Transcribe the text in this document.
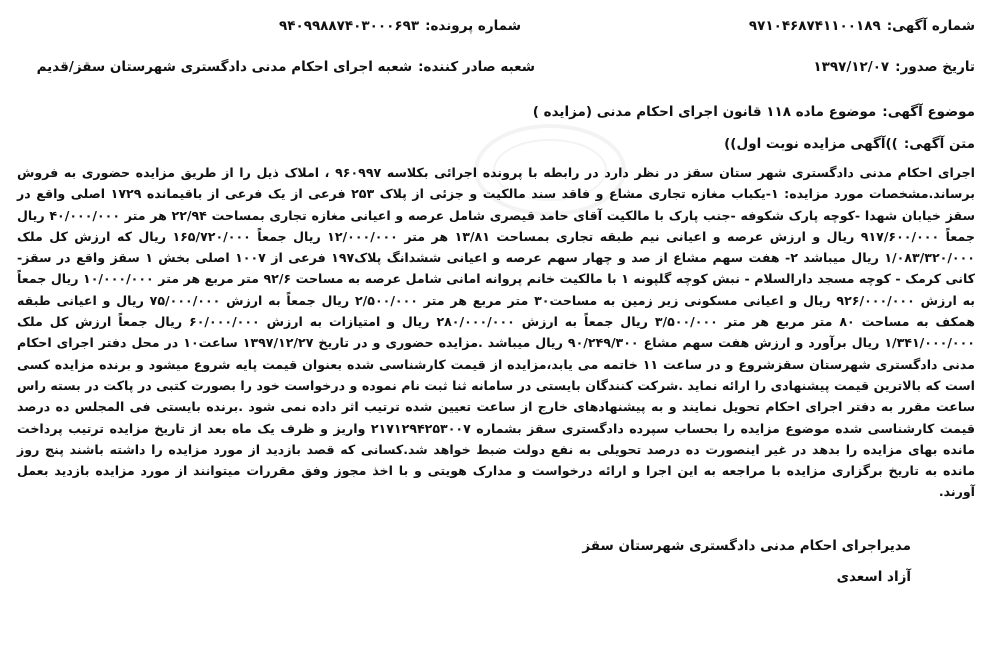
شماره آگهی:۹۷۱۰۴۶۸۷۴۱۱۰۰۱۸۹
شماره پرونده:۹۴۰۹۹۸۸۷۴۰۳۰۰۰۶۹۳
تاریخ صدور:۱۳۹۷/۱۲/۰۷
شعبه صادر کننده:شعبه اجرای احکام مدنی دادگستری شهرستان سقز/قدیم
موضوع آگهی:موضوع ماده ۱۱۸ قانون اجرای احکام مدنی (مزایده )
متن آگهی:))آگهی مزایده نوبت اول))
اجرای احکام مدنی دادگستری شهر ستان سقز در نظر دارد در رابطه با پرونده اجرائی بکلاسه ۹۶۰۹۹۷ ، املاک ذیل را از طریق مزایده حضوری به فروش برساند.مشخصات مورد مزایده: ۱-یکباب مغازه تجاری مشاع و فاقد سند مالکیت و جزئی از پلاک ۲۵۳ فرعی از یک فرعی از باقیمانده ۱۷۲۹ اصلی واقع در سقز خیابان شهدا -کوچه پارک شکوفه -جنب پارک با مالکیت آقای حامد قیصری شامل عرصه و اعیانی مغازه تجاری بمساحت ۲۲/۹۴ هر متر ۴۰/۰۰۰/۰۰۰ ریال جمعاً ۹۱۷/۶۰۰/۰۰۰ ریال و ارزش عرصه و اعیانی نیم طبقه تجاری بمساحت ۱۳/۸۱ هر متر ۱۲/۰۰۰/۰۰۰ ریال جمعاً ۱۶۵/۷۲۰/۰۰۰ ریال که ارزش کل ملک ۱/۰۸۳/۳۲۰/۰۰۰ ریال میباشد ۲- هفت سهم مشاع از صد و چهار سهم عرصه و اعیانی ششدانگ پلاک۱۹۷ فرعی از ۱۰۰۷ اصلی بخش ۱ سقز واقع در سقز- کانی کرمک - کوچه مسجد دارالسلام - نبش کوچه گلپونه ۱ با مالکیت خانم پروانه امانی شامل عرصه به مساحت ۹۲/۶ متر مربع هر متر ۱۰/۰۰۰/۰۰۰ ریال جمعاً به ارزش ۹۲۶/۰۰۰/۰۰۰ ریال و اعیانی مسکونی زیر زمین به مساحت۳۰ متر مربع هر متر ۲/۵۰۰/۰۰۰ ریال جمعاً به ارزش ۷۵/۰۰۰/۰۰۰ ریال و اعیانی طبقه همکف به مساحت ۸۰ متر مربع هر متر ۳/۵۰۰/۰۰۰ ریال جمعاً به ارزش ۲۸۰/۰۰۰/۰۰۰ ریال و امتیازات به ارزش ۶۰/۰۰۰/۰۰۰ ریال جمعاً ارزش کل ملک ۱/۳۴۱/۰۰۰/۰۰۰ ریال برآورد و ارزش هفت سهم مشاع ۹۰/۲۴۹/۳۰۰ ریال میباشد .مزایده حضوری و در تاریخ ۱۳۹۷/۱۲/۲۷ ساعت۱۰ در محل دفتر اجرای احکام مدنی دادگستری شهرستان سقزشروع و در ساعت ۱۱ خاتمه می یابد،مزایده از قیمت کارشناسی شده بعنوان قیمت پایه شروع میشود و برنده مزایده کسی است که بالاترین قیمت پیشنهادی را ارائه نماید .شرکت کنندگان بایستی در سامانه ثنا ثبت نام نموده و درخواست خود را بصورت کتبی در پاکت در بسته راس ساعت مقرر به دفتر اجرای احکام تحویل نمایند و به پیشنهادهای خارج از ساعت تعیین شده ترتیب اثر داده نمی شود .برنده بایستی فی المجلس ده درصد قیمت کارشناسی شده موضوع مزایده را بحساب سپرده دادگستری سقز بشماره ۲۱۷۱۲۹۴۲۵۳۰۰۷ واریز و ظرف یک ماه بعد از تاریخ مزایده ترتیب پرداخت مانده بهای مزایده را بدهد در غیر اینصورت ده درصد تحویلی به نفع دولت ضبط خواهد شد.کسانی که قصد بازدید از مورد مزایده را داشته باشند پنج روز مانده به تاریخ برگزاری مزایده با مراجعه به این اجرا و ارائه درخواست و مدارک هویتی و با اخذ مجوز وفق مقررات میتوانند از مورد مزایده بازدید بعمل آورند.
مدیراجرای احکام مدنی دادگستری شهرستان سقز
آزاد اسعدی
